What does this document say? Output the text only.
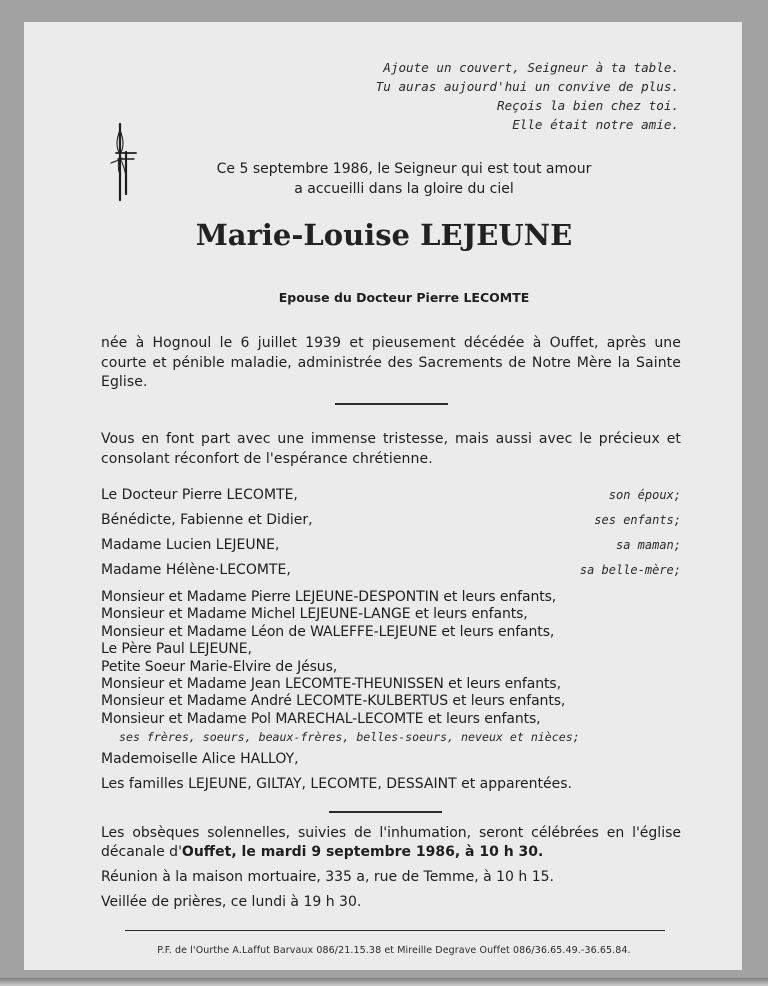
Ajoute un couvert, Seigneur à ta table.
Tu auras aujourd'hui un convive de plus.
Reçois la bien chez toi.
Elle était notre amie.
Ce 5 septembre 1986, le Seigneur qui est tout amour
a accueilli dans la gloire du ciel
Marie-Louise LEJEUNE
Epouse du Docteur Pierre LECOMTE
née à Hognoul le 6 juillet 1939 et pieusement décédée à Ouffet, après une courte et pénible maladie, administrée des Sacrements de Notre Mère la Sainte Eglise.
Vous en font part avec une immense tristesse, mais aussi avec le précieux et consolant réconfort de l'espérance chrétienne.
Le Docteur Pierre LECOMTE,	son époux;
Bénédicte, Fabienne et Didier,	ses enfants;
Madame Lucien LEJEUNE,	sa maman;
Madame Hélène·LECOMTE,	sa belle-mère;
Monsieur et Madame Pierre LEJEUNE-DESPONTIN et leurs enfants,
Monsieur et Madame Michel LEJEUNE-LANGE et leurs enfants,
Monsieur et Madame Léon de WALEFFE-LEJEUNE et leurs enfants,
Le Père Paul LEJEUNE,
Petite Soeur Marie-Elvire de Jésus,
Monsieur et Madame Jean LECOMTE-THEUNISSEN et leurs enfants,
Monsieur et Madame André LECOMTE-KULBERTUS et leurs enfants,
Monsieur et Madame Pol MARECHAL-LECOMTE et leurs enfants,
ses frères, soeurs, beaux-frères, belles-soeurs, neveux et nièces;
Mademoiselle Alice HALLOY,
Les familles LEJEUNE, GILTAY, LECOMTE, DESSAINT et apparentées.
Les obsèques solennelles, suivies de l'inhumation, seront célébrées en l'église décanale d'Ouffet, le mardi 9 septembre 1986, à 10 h 30.
Réunion à la maison mortuaire, 335 a, rue de Temme, à 10 h 15.
Veillée de prières, ce lundi à 19 h 30.
P.F. de l'Ourthe A.Laffut Barvaux 086/21.15.38 et Mireille Degrave Ouffet 086/36.65.49.-36.65.84.
